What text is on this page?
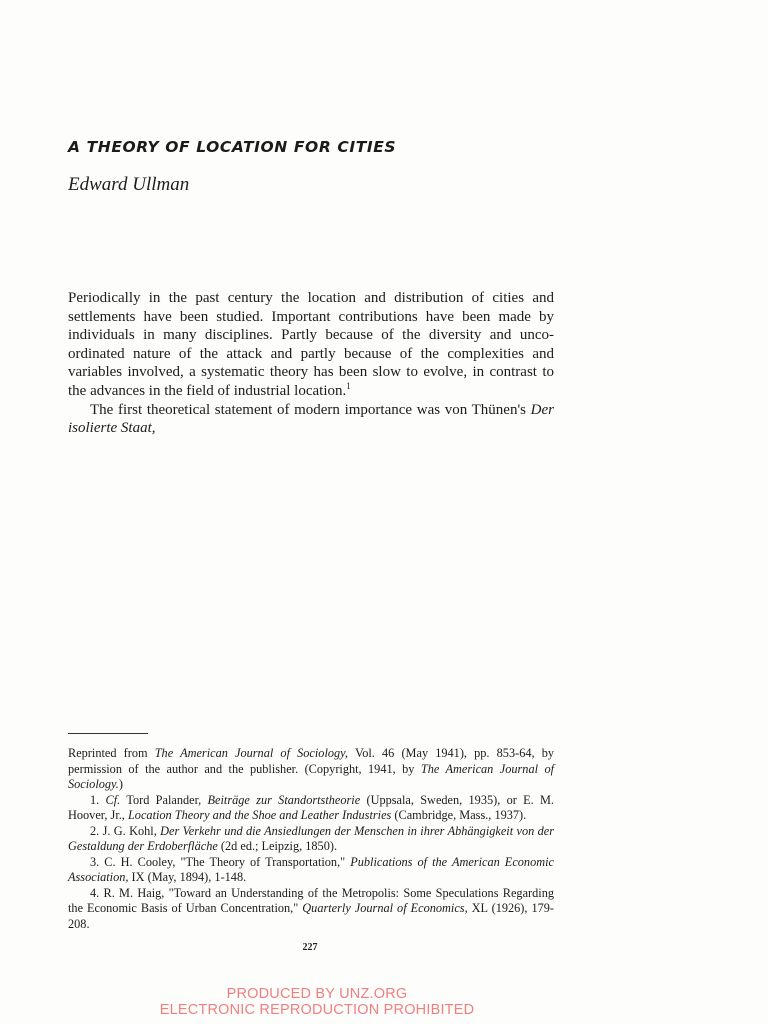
A THEORY OF LOCATION FOR CITIES
Edward Ullman

Periodically in the past century the location and distribution of cities and settlements have been studied. Important contributions have been made by individuals in many disciplines. Partly because of the diversity and unco-ordinated nature of the attack and partly because of the complexities and variables involved, a systematic theory has been slow to evolve, in contrast to the advances in the field of industrial location.$^1$

The first theoretical statement of modern importance was von Thünen's Der isolierte Staat,

Reprinted from The American Journal of Sociology, Vol. 46 (May 1941), pp. 853-64, by permission of the author and the publisher. (Copyright, 1941, by The American Journal of Sociology.)

1. Cf. Tord Palander, Beiträge zur Standortstheorie (Uppsala, Sweden, 1935), or E. M. Hoover, Jr., Location Theory and the Shoe and Leather Industries (Cambridge, Mass., 1937).

2. J. G. Kohl, Der Verkehr und die Ansiedlungen der Menschen in ihrer Abhängigkeit von der Gestaldung der Erdoberfläche (2d ed.; Leipzig, 1850).

3. C. H. Cooley, "The Theory of Transportation," Publications of the American Economic Association, IX (May, 1894), 1-148.

4. R. M. Haig, "Toward an Understanding of the Metropolis: Some Speculations Regarding the Economic Basis of Urban Concentration," Quarterly Journal of Economics, XL (1926), 179-208.

227
PRODUCED BY UNZ.ORG
ELECTRONIC REPRODUCTION PROHIBITED
